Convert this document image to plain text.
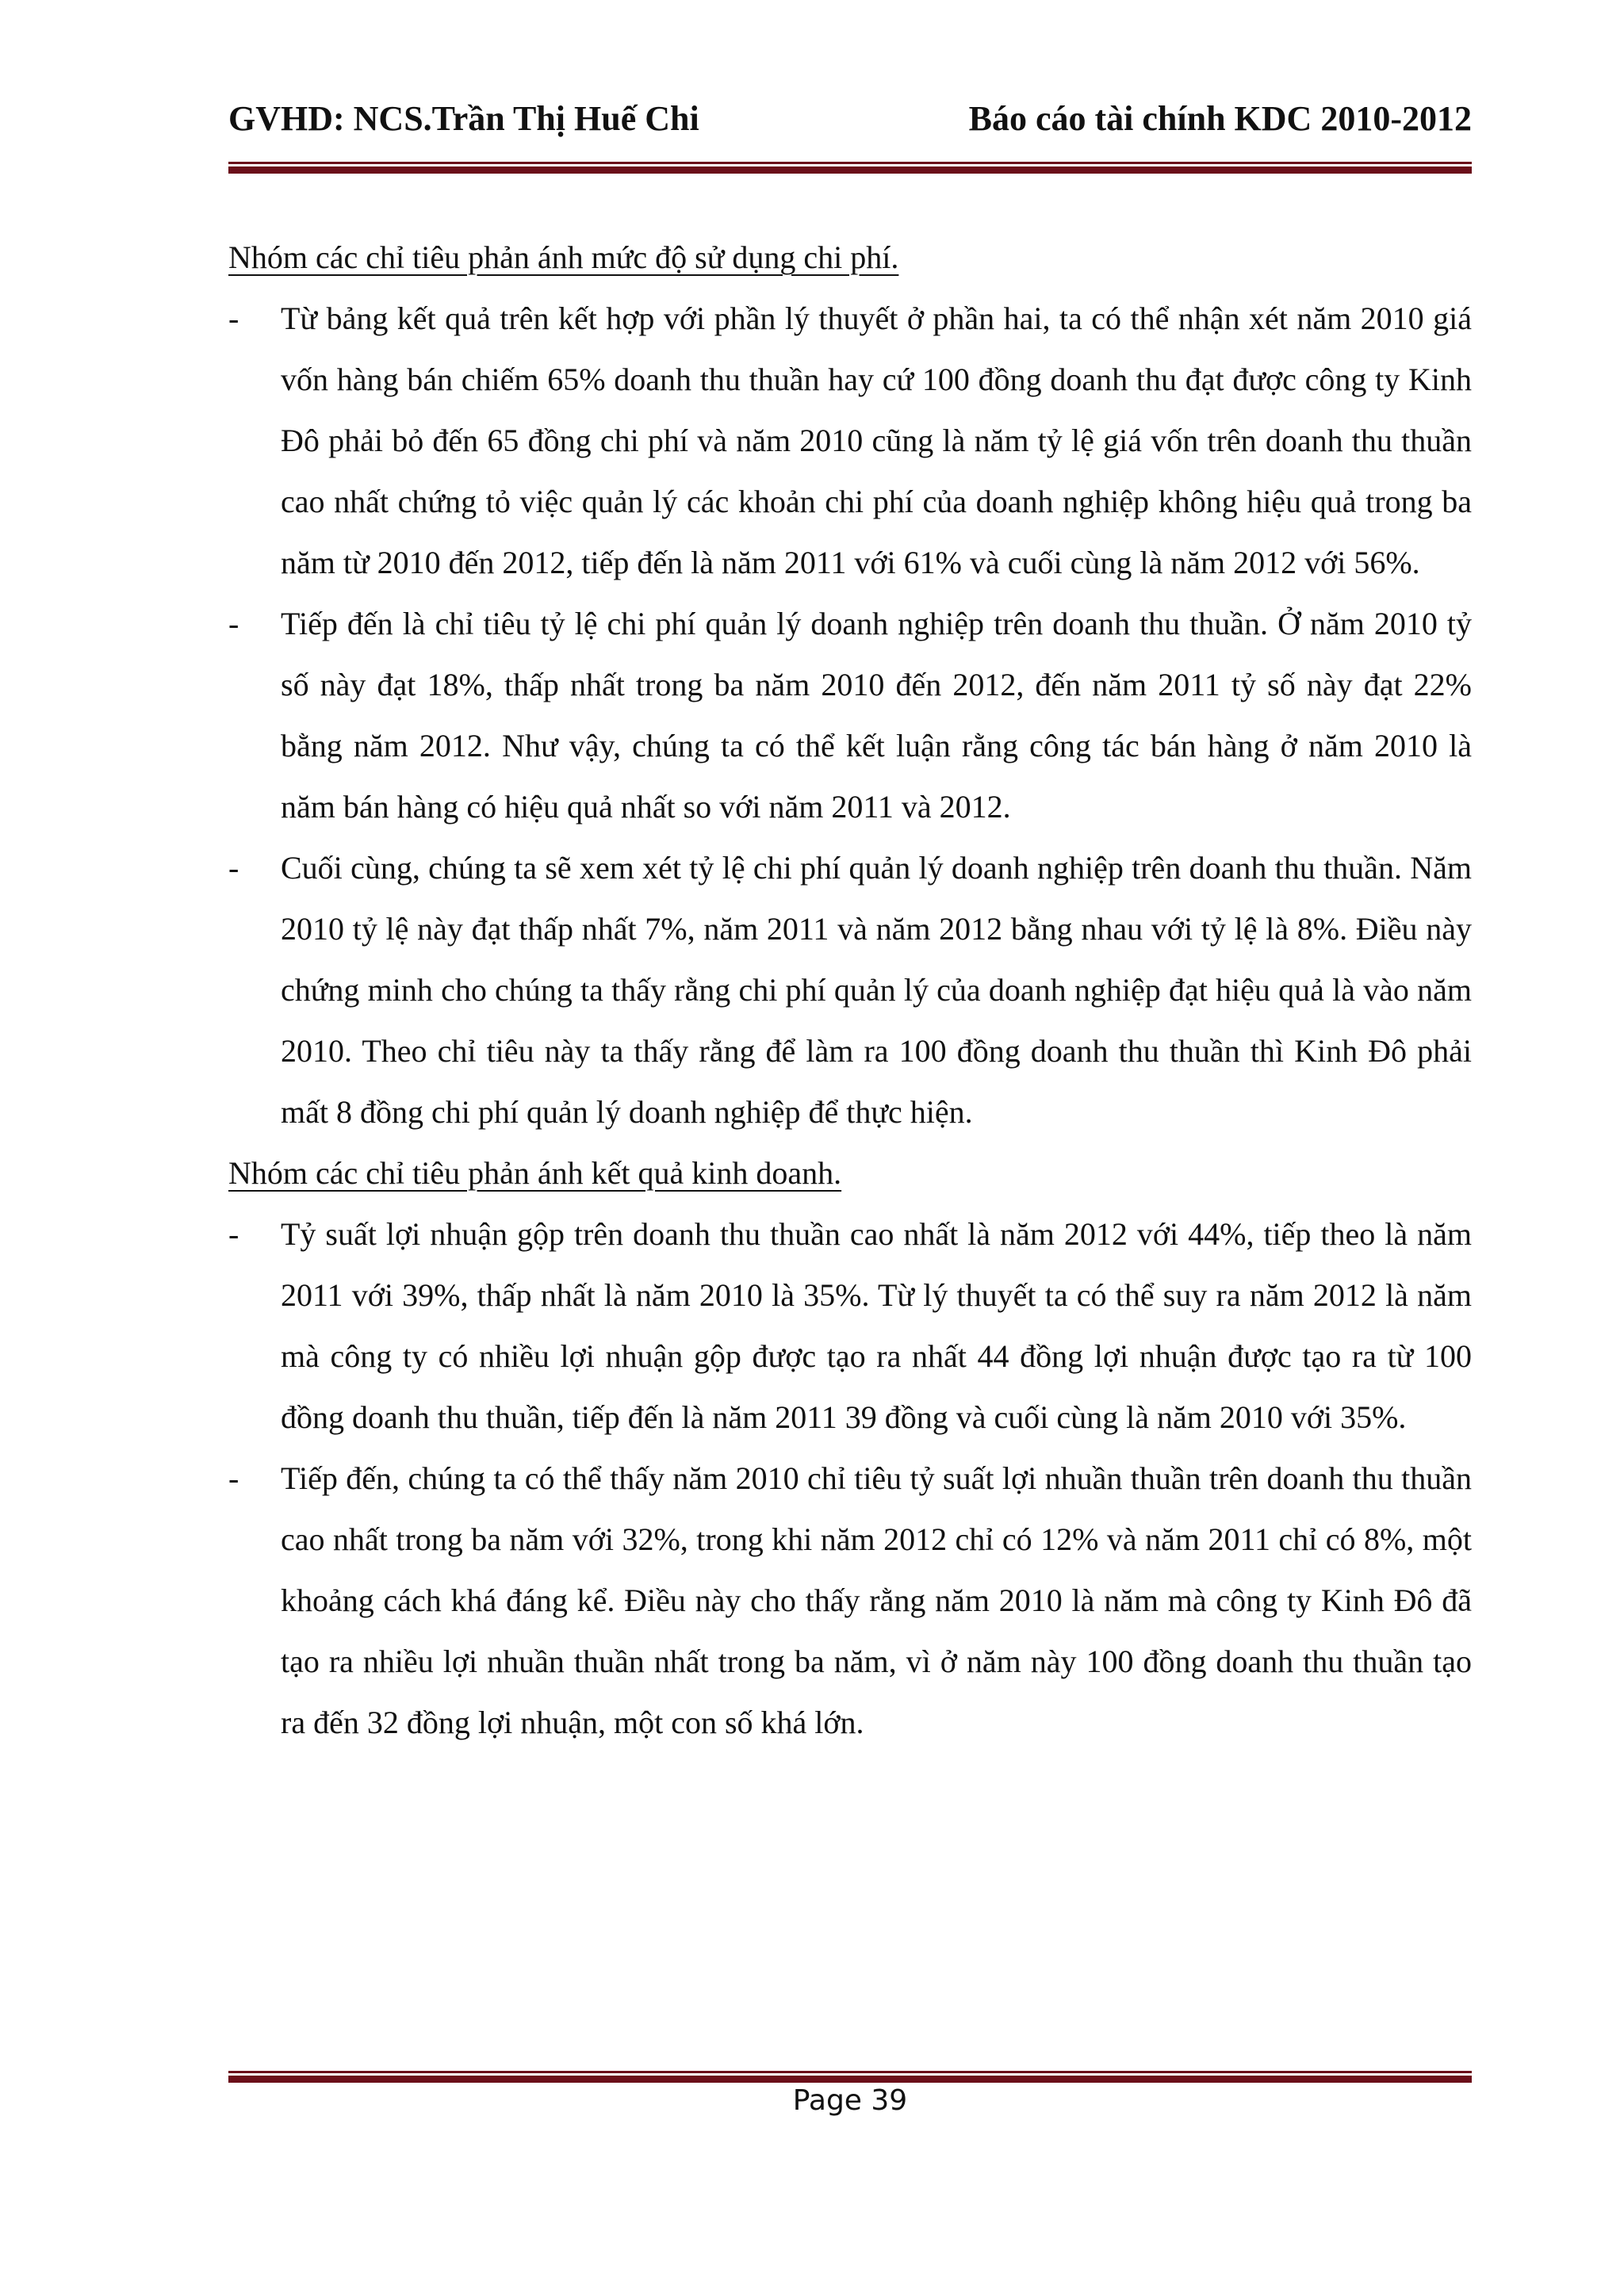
GVHD: NCS.Trần Thị Huế Chi	Báo cáo tài chính KDC 2010-2012
Nhóm các chỉ tiêu phản ánh mức độ sử dụng chi phí.
- Từ bảng kết quả trên kết hợp với phần lý thuyết ở phần hai, ta có thể nhận xét năm 2010 giá vốn hàng bán chiếm 65% doanh thu thuần hay cứ 100 đồng doanh thu đạt được công ty Kinh Đô phải bỏ đến 65 đồng chi phí và năm 2010 cũng là năm tỷ lệ giá vốn trên doanh thu thuần cao nhất chứng tỏ việc quản lý các khoản chi phí của doanh nghiệp không hiệu quả trong ba năm từ 2010 đến 2012, tiếp đến là năm 2011 với 61% và cuối cùng là năm 2012 với 56%.
- Tiếp đến là chỉ tiêu tỷ lệ chi phí quản lý doanh nghiệp trên doanh thu thuần. Ở năm 2010 tỷ số này đạt 18%, thấp nhất trong ba năm 2010 đến 2012, đến năm 2011 tỷ số này đạt 22% bằng năm 2012. Như vậy, chúng ta có thể kết luận rằng công tác bán hàng ở năm 2010 là năm bán hàng có hiệu quả nhất so với năm 2011 và 2012.
- Cuối cùng, chúng ta sẽ xem xét tỷ lệ chi phí quản lý doanh nghiệp trên doanh thu thuần. Năm 2010 tỷ lệ này đạt thấp nhất 7%, năm 2011 và năm 2012 bằng nhau với tỷ lệ là 8%. Điều này chứng minh cho chúng ta thấy rằng chi phí quản lý của doanh nghiệp đạt hiệu quả là vào năm 2010. Theo chỉ tiêu này ta thấy rằng để làm ra 100 đồng doanh thu thuần thì Kinh Đô phải mất 8 đồng chi phí quản lý doanh nghiệp để thực hiện.
Nhóm các chỉ tiêu phản ánh kết quả kinh doanh.
- Tỷ suất lợi nhuận gộp trên doanh thu thuần cao nhất là năm 2012 với 44%, tiếp theo là năm 2011 với 39%, thấp nhất là năm 2010 là 35%. Từ lý thuyết ta có thể suy ra năm 2012 là năm mà công ty có nhiều lợi nhuận gộp được tạo ra nhất 44 đồng lợi nhuận được tạo ra từ 100 đồng doanh thu thuần, tiếp đến là năm 2011 39 đồng và cuối cùng là năm 2010 với 35%.
- Tiếp đến, chúng ta có thể thấy năm 2010 chỉ tiêu tỷ suất lợi nhuần thuần trên doanh thu thuần cao nhất trong ba năm với 32%, trong khi năm 2012 chỉ có 12% và năm 2011 chỉ có 8%, một khoảng cách khá đáng kể. Điều này cho thấy rằng năm 2010 là năm mà công ty Kinh Đô đã tạo ra nhiều lợi nhuần thuần nhất trong ba năm, vì ở năm này 100 đồng doanh thu thuần tạo ra đến 32 đồng lợi nhuận, một con số khá lớn.
Page 39
